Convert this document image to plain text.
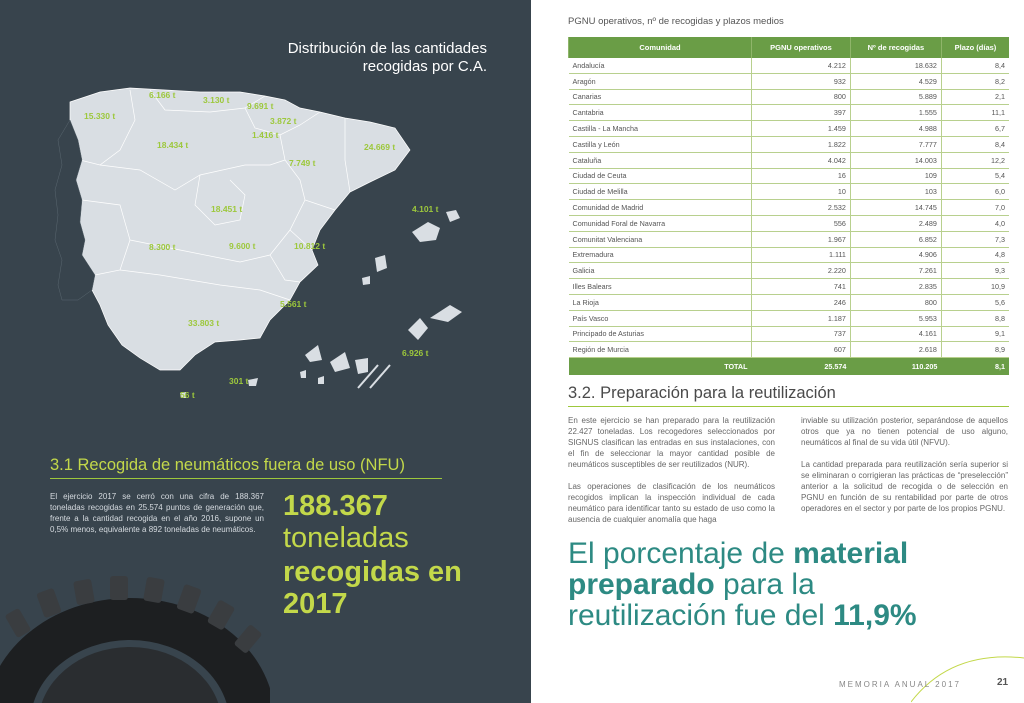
Distribución de las cantidades
recogidas por C.A.
15.330 t
6.166 t	3.130 t
9.691 t
3.872 t
1.416 t
18.434 t	24.669 t
7.749 t
18.451 t	4.101 t
8.300 t	9.600 t	10.812 t
5.561 t
33.803 t
6.926 t
301 t
56 t
3.1 Recogida de neumáticos fuera de uso (NFU)
El ejercicio 2017 se cerró con una cifra de 188.367 toneladas recogidas en 25.574 puntos de generación que, frente a la cantidad recogida en el año 2016, supone un 0,5% menos, equivalente a 892 toneladas de neumáticos.
188.367
toneladas
recogidas en
2017
PGNU operativos, nº de recogidas y plazos medios
Comunidad	PGNU operativos	Nº de recogidas	Plazo (días)
Andalucía	4.212	18.632	8,4
Aragón	932	4.529	8,2
Canarias	800	5.889	2,1
Cantabria	397	1.555	11,1
Castilla - La Mancha	1.459	4.988	6,7
Castilla y León	1.822	7.777	8,4
Cataluña	4.042	14.003	12,2
Ciudad de Ceuta	16	109	5,4
Ciudad de Melilla	10	103	6,0
Comunidad de Madrid	2.532	14.745	7,0
Comunidad Foral de Navarra	556	2.489	4,0
Comunitat Valenciana	1.967	6.852	7,3
Extremadura	1.111	4.906	4,8
Galicia	2.220	7.261	9,3
Illes Balears	741	2.835	10,9
La Rioja	246	800	5,6
País Vasco	1.187	5.953	8,8
Principado de Asturias	737	4.161	9,1
Región de Murcia	607	2.618	8,9
TOTAL	25.574	110.205	8,1
3.2. Preparación para la reutilización

En este ejercicio se han preparado para la reutilización 22.427 toneladas. Los recogedores seleccionados por SIGNUS clasifican las entradas en sus instalaciones, con el fin de seleccionar la mayor cantidad posible de neumáticos susceptibles de ser reutilizados (NUR).

Las operaciones de clasificación de los neumáticos recogidos implican la inspección individual de cada neumático para identificar tanto su estado de uso como la ausencia de cualquier anomalía que haga

inviable su utilización posterior, separándose de aquellos otros que ya no tienen potencial de uso alguno, neumáticos al final de su vida útil (NFVU).

La cantidad preparada para reutilización sería superior si se eliminaran o corrigieran las prácticas de “preselección” anterior a la solicitud de recogida o de selección en PGNU en función de su rentabilidad por parte de otros operadores en el sector y por parte de los propios PGNU.

El porcentaje de material
preparado para la
reutilización fue del 11,9%
MEMORIA ANUAL 2017	21
